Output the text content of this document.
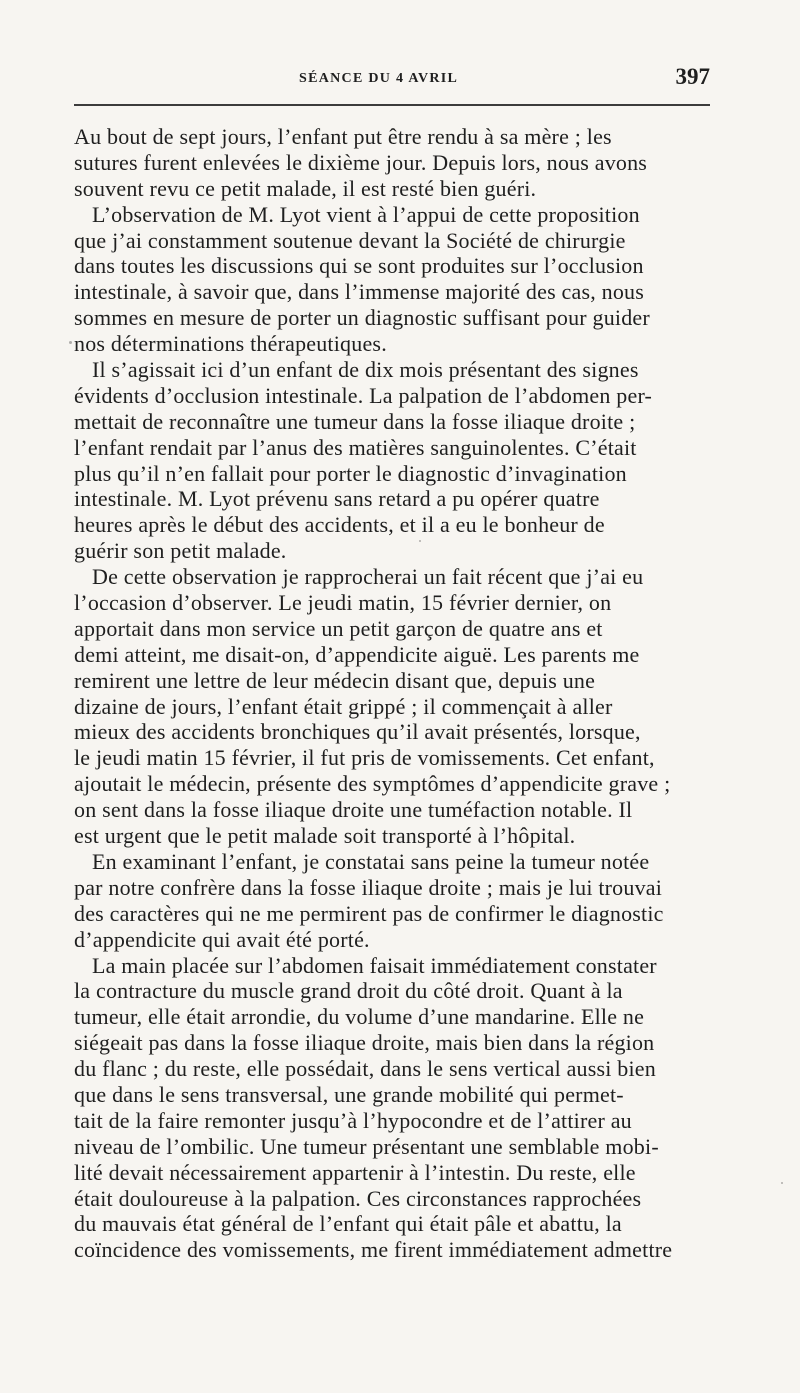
SÉANCE DU 4 AVRIL	397
Au bout de sept jours, l’enfant put être rendu à sa mère ; les
sutures furent enlevées le dixième jour. Depuis lors, nous avons
souvent revu ce petit malade, il est resté bien guéri.
L’observation de M. Lyot vient à l’appui de cette proposition
que j’ai constamment soutenue devant la Société de chirurgie
dans toutes les discussions qui se sont produites sur l’occlusion
intestinale, à savoir que, dans l’immense majorité des cas, nous
sommes en mesure de porter un diagnostic suffisant pour guider
nos déterminations thérapeutiques.
Il s’agissait ici d’un enfant de dix mois présentant des signes
évidents d’occlusion intestinale. La palpation de l’abdomen per-
mettait de reconnaître une tumeur dans la fosse iliaque droite ;
l’enfant rendait par l’anus des matières sanguinolentes. C’était
plus qu’il n’en fallait pour porter le diagnostic d’invagination
intestinale. M. Lyot prévenu sans retard a pu opérer quatre
heures après le début des accidents, et il a eu le bonheur de
guérir son petit malade.
De cette observation je rapprocherai un fait récent que j’ai eu
l’occasion d’observer. Le jeudi matin, 15 février dernier, on
apportait dans mon service un petit garçon de quatre ans et
demi atteint, me disait-on, d’appendicite aiguë. Les parents me
remirent une lettre de leur médecin disant que, depuis une
dizaine de jours, l’enfant était grippé ; il commençait à aller
mieux des accidents bronchiques qu’il avait présentés, lorsque,
le jeudi matin 15 février, il fut pris de vomissements. Cet enfant,
ajoutait le médecin, présente des symptômes d’appendicite grave ;
on sent dans la fosse iliaque droite une tuméfaction notable. Il
est urgent que le petit malade soit transporté à l’hôpital.
En examinant l’enfant, je constatai sans peine la tumeur notée
par notre confrère dans la fosse iliaque droite ; mais je lui trouvai
des caractères qui ne me permirent pas de confirmer le diagnostic
d’appendicite qui avait été porté.
La main placée sur l’abdomen faisait immédiatement constater
la contracture du muscle grand droit du côté droit. Quant à la
tumeur, elle était arrondie, du volume d’une mandarine. Elle ne
siégeait pas dans la fosse iliaque droite, mais bien dans la région
du flanc ; du reste, elle possédait, dans le sens vertical aussi bien
que dans le sens transversal, une grande mobilité qui permet-
tait de la faire remonter jusqu’à l’hypocondre et de l’attirer au
niveau de l’ombilic. Une tumeur présentant une semblable mobi-
lité devait nécessairement appartenir à l’intestin. Du reste, elle
était douloureuse à la palpation. Ces circonstances rapprochées
du mauvais état général de l’enfant qui était pâle et abattu, la
coïncidence des vomissements, me firent immédiatement admettre
